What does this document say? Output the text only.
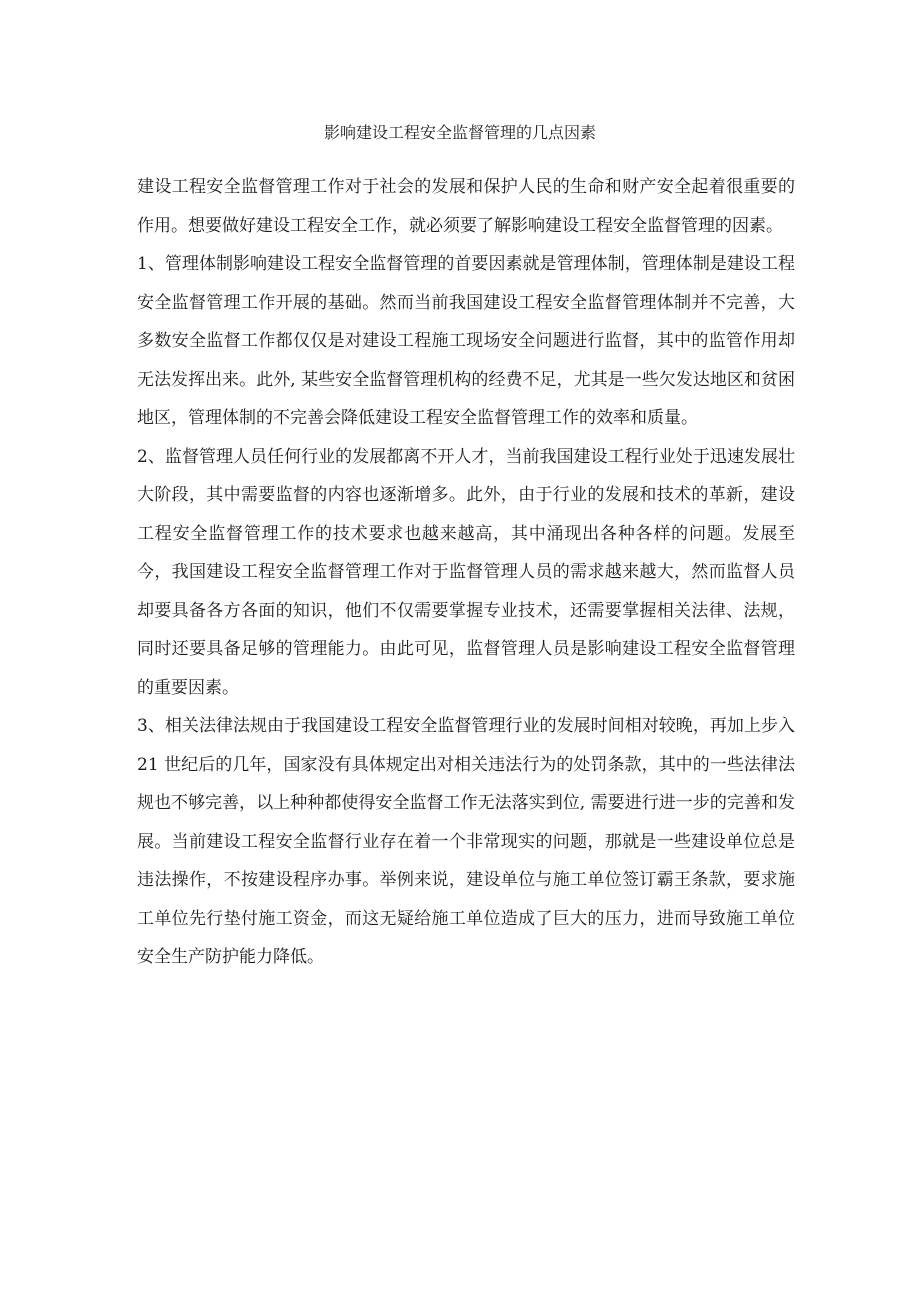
影响建设工程安全监督管理的几点因素

建设工程安全监督管理工作对于社会的发展和保护人民的生命和财产安全起着很重要的作用。想要做好建设工程安全工作，就必须要了解影响建设工程安全监督管理的因素。

1、管理体制影响建设工程安全监督管理的首要因素就是管理体制，管理体制是建设工程安全监督管理工作开展的基础。然而当前我国建设工程安全监督管理体制并不完善，大多数安全监督工作都仅仅是对建设工程施工现场安全问题进行监督，其中的监管作用却无法发挥出来。此外, 某些安全监督管理机构的经费不足，尤其是一些欠发达地区和贫困地区，管理体制的不完善会降低建设工程安全监督管理工作的效率和质量。

2、监督管理人员任何行业的发展都离不开人才，当前我国建设工程行业处于迅速发展壮大阶段，其中需要监督的内容也逐渐增多。此外，由于行业的发展和技术的革新，建设工程安全监督管理工作的技术要求也越来越高，其中涌现出各种各样的问题。发展至今，我国建设工程安全监督管理工作对于监督管理人员的需求越来越大，然而监督人员却要具备各方各面的知识，他们不仅需要掌握专业技术，还需要掌握相关法律、法规，同时还要具备足够的管理能力。由此可见，监督管理人员是影响建设工程安全监督管理的重要因素。

3、相关法律法规由于我国建设工程安全监督管理行业的发展时间相对较晚，再加上步入 21 世纪后的几年，国家没有具体规定出对相关违法行为的处罚条款，其中的一些法律法规也不够完善，以上种种都使得安全监督工作无法落实到位, 需要进行进一步的完善和发展。当前建设工程安全监督行业存在着一个非常现实的问题，那就是一些建设单位总是违法操作，不按建设程序办事。举例来说，建设单位与施工单位签订霸王条款，要求施工单位先行垫付施工资金，而这无疑给施工单位造成了巨大的压力，进而导致施工单位安全生产防护能力降低。
